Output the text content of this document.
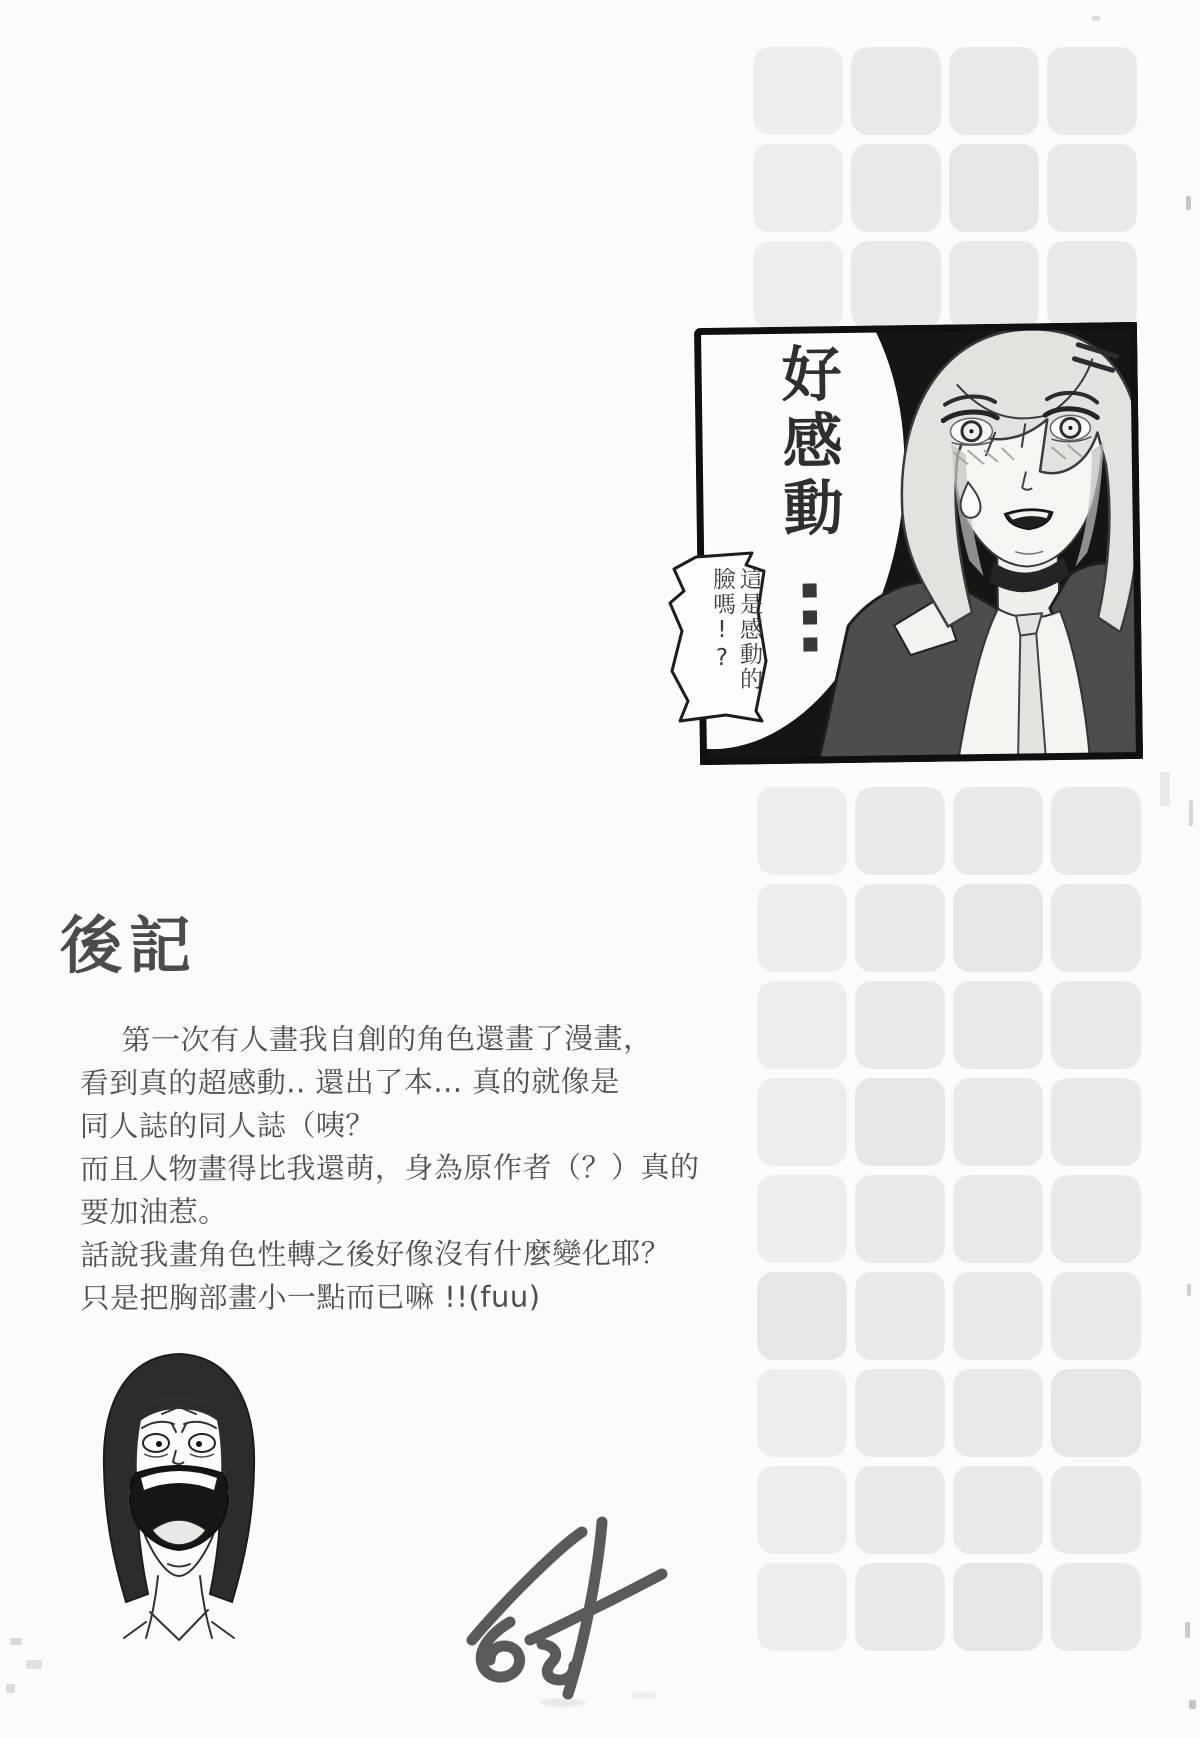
好感動
這是感動的臉嗎!?
後記
第一次有人畫我自創的角色還畫了漫畫，
看到真的超感動.. 還出了本... 真的就像是
同人誌的同人誌（咦？
而且人物畫得比我還萌，身為原作者（？）真的
要加油惹。
話說我畫角色性轉之後好像沒有什麼變化耶？
只是把胸部畫小一點而已嘛 !!(fuu)
